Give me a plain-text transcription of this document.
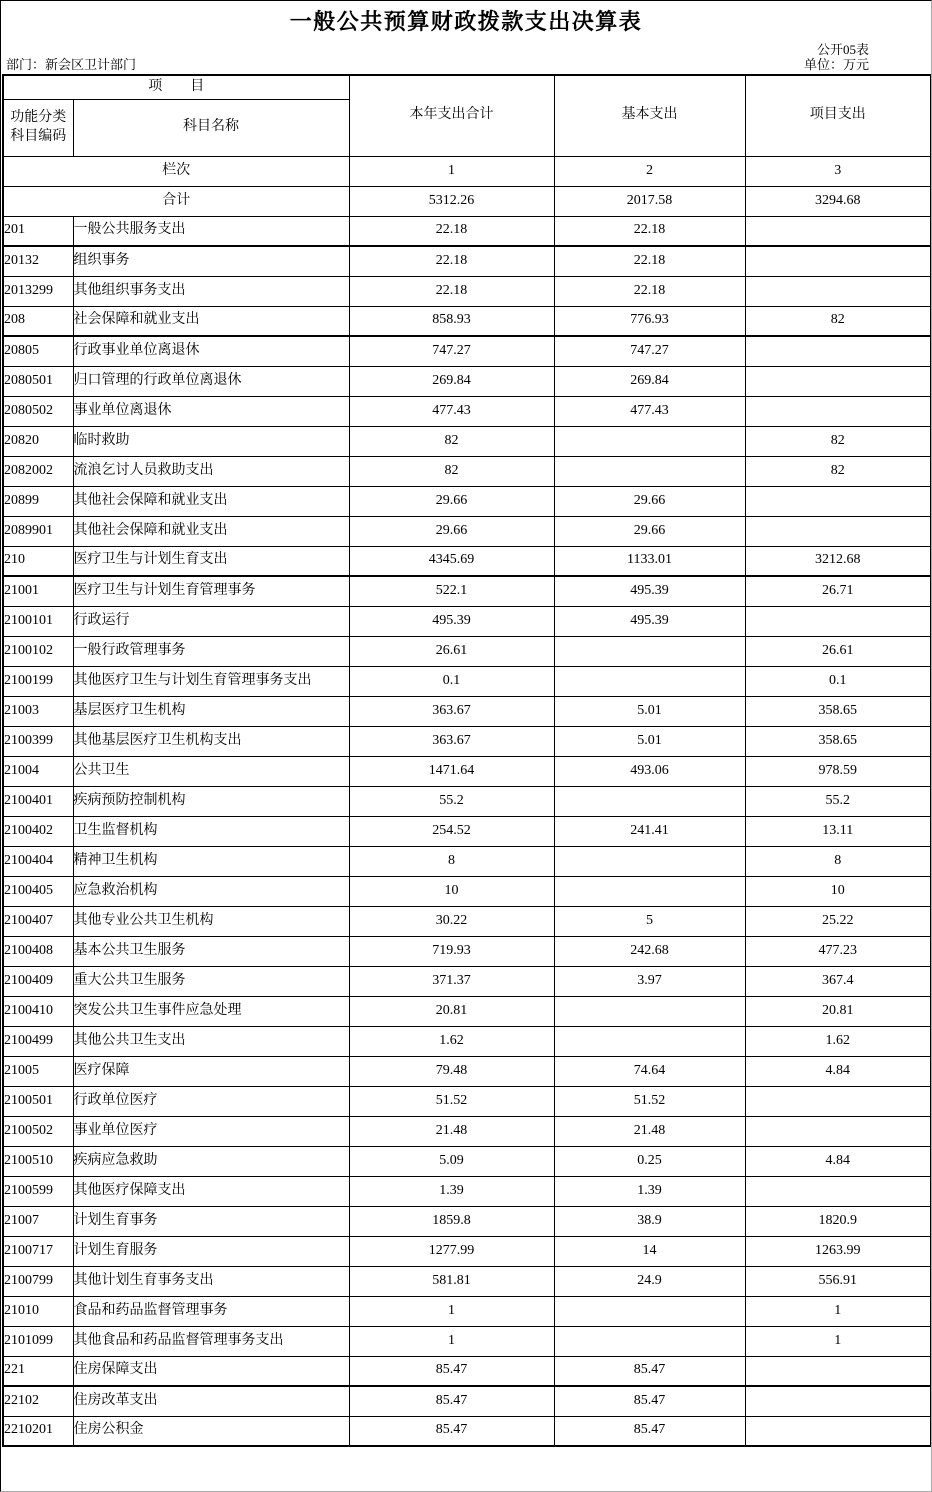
一般公共预算财政拨款支出决算表
公开05表
部门：新会区卫计部门	单位：万元
项　　目		本年支出合计	基本支出	项目支出
功能分类科目编码	科目名称			
栏次		1	2	3
合计		5312.26	2017.58	3294.68
201	一般公共服务支出	22.18	22.18	
20132	组织事务	22.18	22.18	
2013299	其他组织事务支出	22.18	22.18	
208	社会保障和就业支出	858.93	776.93	82
20805	行政事业单位离退休	747.27	747.27	
2080501	归口管理的行政单位离退休	269.84	269.84	
2080502	事业单位离退休	477.43	477.43	
20820	临时救助	82		82
2082002	流浪乞讨人员救助支出	82		82
20899	其他社会保障和就业支出	29.66	29.66	
2089901	其他社会保障和就业支出	29.66	29.66	
210	医疗卫生与计划生育支出	4345.69	1133.01	3212.68
21001	医疗卫生与计划生育管理事务	522.1	495.39	26.71
2100101	行政运行	495.39	495.39	
2100102	一般行政管理事务	26.61		26.61
2100199	其他医疗卫生与计划生育管理事务支出	0.1		0.1
21003	基层医疗卫生机构	363.67	5.01	358.65
2100399	其他基层医疗卫生机构支出	363.67	5.01	358.65
21004	公共卫生	1471.64	493.06	978.59
2100401	疾病预防控制机构	55.2		55.2
2100402	卫生监督机构	254.52	241.41	13.11
2100404	精神卫生机构	8		8
2100405	应急救治机构	10		10
2100407	其他专业公共卫生机构	30.22	5	25.22
2100408	基本公共卫生服务	719.93	242.68	477.23
2100409	重大公共卫生服务	371.37	3.97	367.4
2100410	突发公共卫生事件应急处理	20.81		20.81
2100499	其他公共卫生支出	1.62		1.62
21005	医疗保障	79.48	74.64	4.84
2100501	行政单位医疗	51.52	51.52	
2100502	事业单位医疗	21.48	21.48	
2100510	疾病应急救助	5.09	0.25	4.84
2100599	其他医疗保障支出	1.39	1.39	
21007	计划生育事务	1859.8	38.9	1820.9
2100717	计划生育服务	1277.99	14	1263.99
2100799	其他计划生育事务支出	581.81	24.9	556.91
21010	食品和药品监督管理事务	1		1
2101099	其他食品和药品监督管理事务支出	1		1
221	住房保障支出	85.47	85.47	
22102	住房改革支出	85.47	85.47	
2210201	住房公积金	85.47	85.47	
